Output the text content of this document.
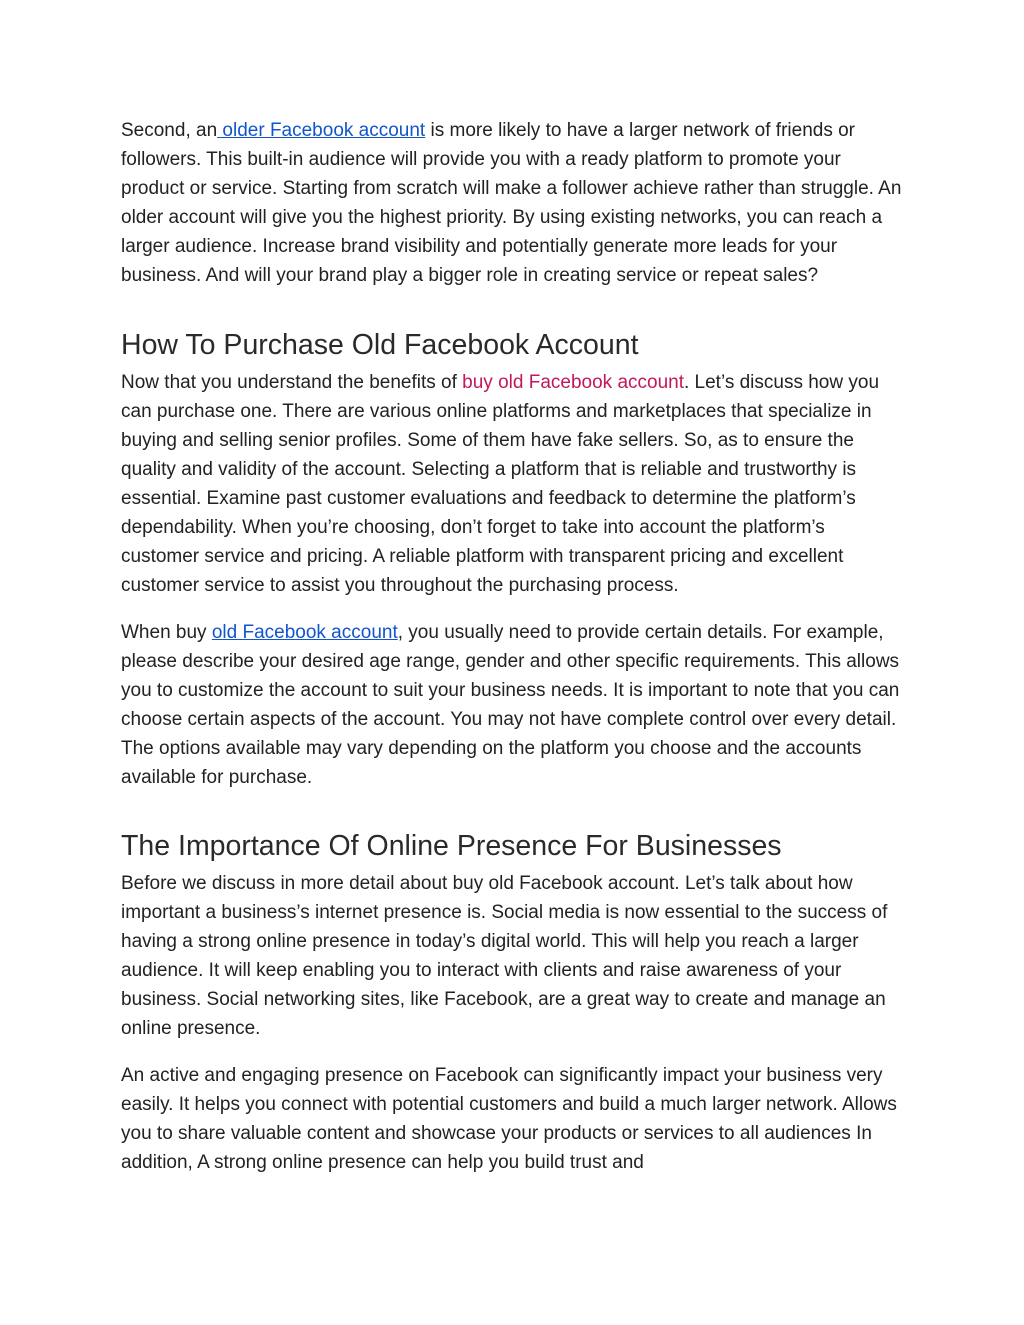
Second, an older Facebook account is more likely to have a larger network of friends or followers. This built-in audience will provide you with a ready platform to promote your product or service. Starting from scratch will make a follower achieve rather than struggle. An older account will give you the highest priority. By using existing networks, you can reach a larger audience. Increase brand visibility and potentially generate more leads for your business. And will your brand play a bigger role in creating service or repeat sales?

How To Purchase Old Facebook Account

Now that you understand the benefits of buy old Facebook account. Let’s discuss how you can purchase one. There are various online platforms and marketplaces that specialize in buying and selling senior profiles. Some of them have fake sellers. So, as to ensure the quality and validity of the account. Selecting a platform that is reliable and trustworthy is essential. Examine past customer evaluations and feedback to determine the platform’s dependability. When you’re choosing, don’t forget to take into account the platform’s customer service and pricing. A reliable platform with transparent pricing and excellent customer service to assist you throughout the purchasing process.

When buy old Facebook account, you usually need to provide certain details. For example, please describe your desired age range, gender and other specific requirements. This allows you to customize the account to suit your business needs. It is important to note that you can choose certain aspects of the account. You may not have complete control over every detail. The options available may vary depending on the platform you choose and the accounts available for purchase.

The Importance Of Online Presence For Businesses

Before we discuss in more detail about buy old Facebook account. Let’s talk about how important a business’s internet presence is. Social media is now essential to the success of having a strong online presence in today’s digital world. This will help you reach a larger audience. It will keep enabling you to interact with clients and raise awareness of your business. Social networking sites, like Facebook, are a great way to create and manage an online presence.

An active and engaging presence on Facebook can significantly impact your business very easily. It helps you connect with potential customers and build a much larger network. Allows you to share valuable content and showcase your products or services to all audiences In addition, A strong online presence can help you build trust and
